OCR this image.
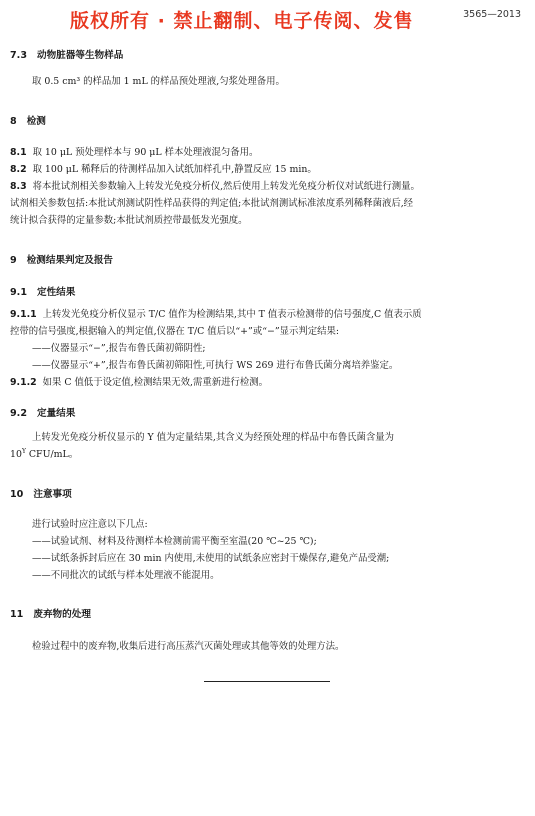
版权所有 · 禁止翻制、电子传阅、发售	3565—2013
7.3 动物脏器等生物样品
取 0.5 cm³ 的样品加 1 mL 的样品预处理液,匀浆处理备用。
8 检测
8.1 取 10 μL 预处理样本与 90 μL 样本处理液混匀备用。
8.2 取 100 μL 稀释后的待测样品加入试纸加样孔中,静置反应 15 min。
8.3 将本批试剂相关参数输入上转发光免疫分析仪,然后使用上转发光免疫分析仪对试纸进行测量。
试剂相关参数包括:本批试剂测试阴性样品获得的判定值;本批试剂测试标准浓度系列稀释菌液后,经
统计拟合获得的定量参数;本批试剂质控带最低发光强度。
9 检测结果判定及报告
9.1 定性结果
9.1.1 上转发光免疫分析仪显示 T/C 值作为检测结果,其中 T 值表示检测带的信号强度,C 值表示质
控带的信号强度,根据输入的判定值,仪器在 T/C 值后以“+”或“−”显示判定结果:
——仪器显示“−”,报告布鲁氏菌初筛阴性;
——仪器显示“+”,报告布鲁氏菌初筛阳性,可执行 WS 269 进行布鲁氏菌分离培养鉴定。
9.1.2 如果 C 值低于设定值,检测结果无效,需重新进行检测。
9.2 定量结果
上转发光免疫分析仪显示的 Y 值为定量结果,其含义为经预处理的样品中布鲁氏菌含量为
$10^Y$ CFU/mL。
10 注意事项
进行试验时应注意以下几点:
——试验试剂、材料及待测样本检测前需平衡至室温(20 ℃~25 ℃);
——试纸条拆封后应在 30 min 内使用,未使用的试纸条应密封干燥保存,避免产品受潮;
——不同批次的试纸与样本处理液不能混用。
11 废弃物的处理
检验过程中的废弃物,收集后进行高压蒸汽灭菌处理或其他等效的处理方法。
